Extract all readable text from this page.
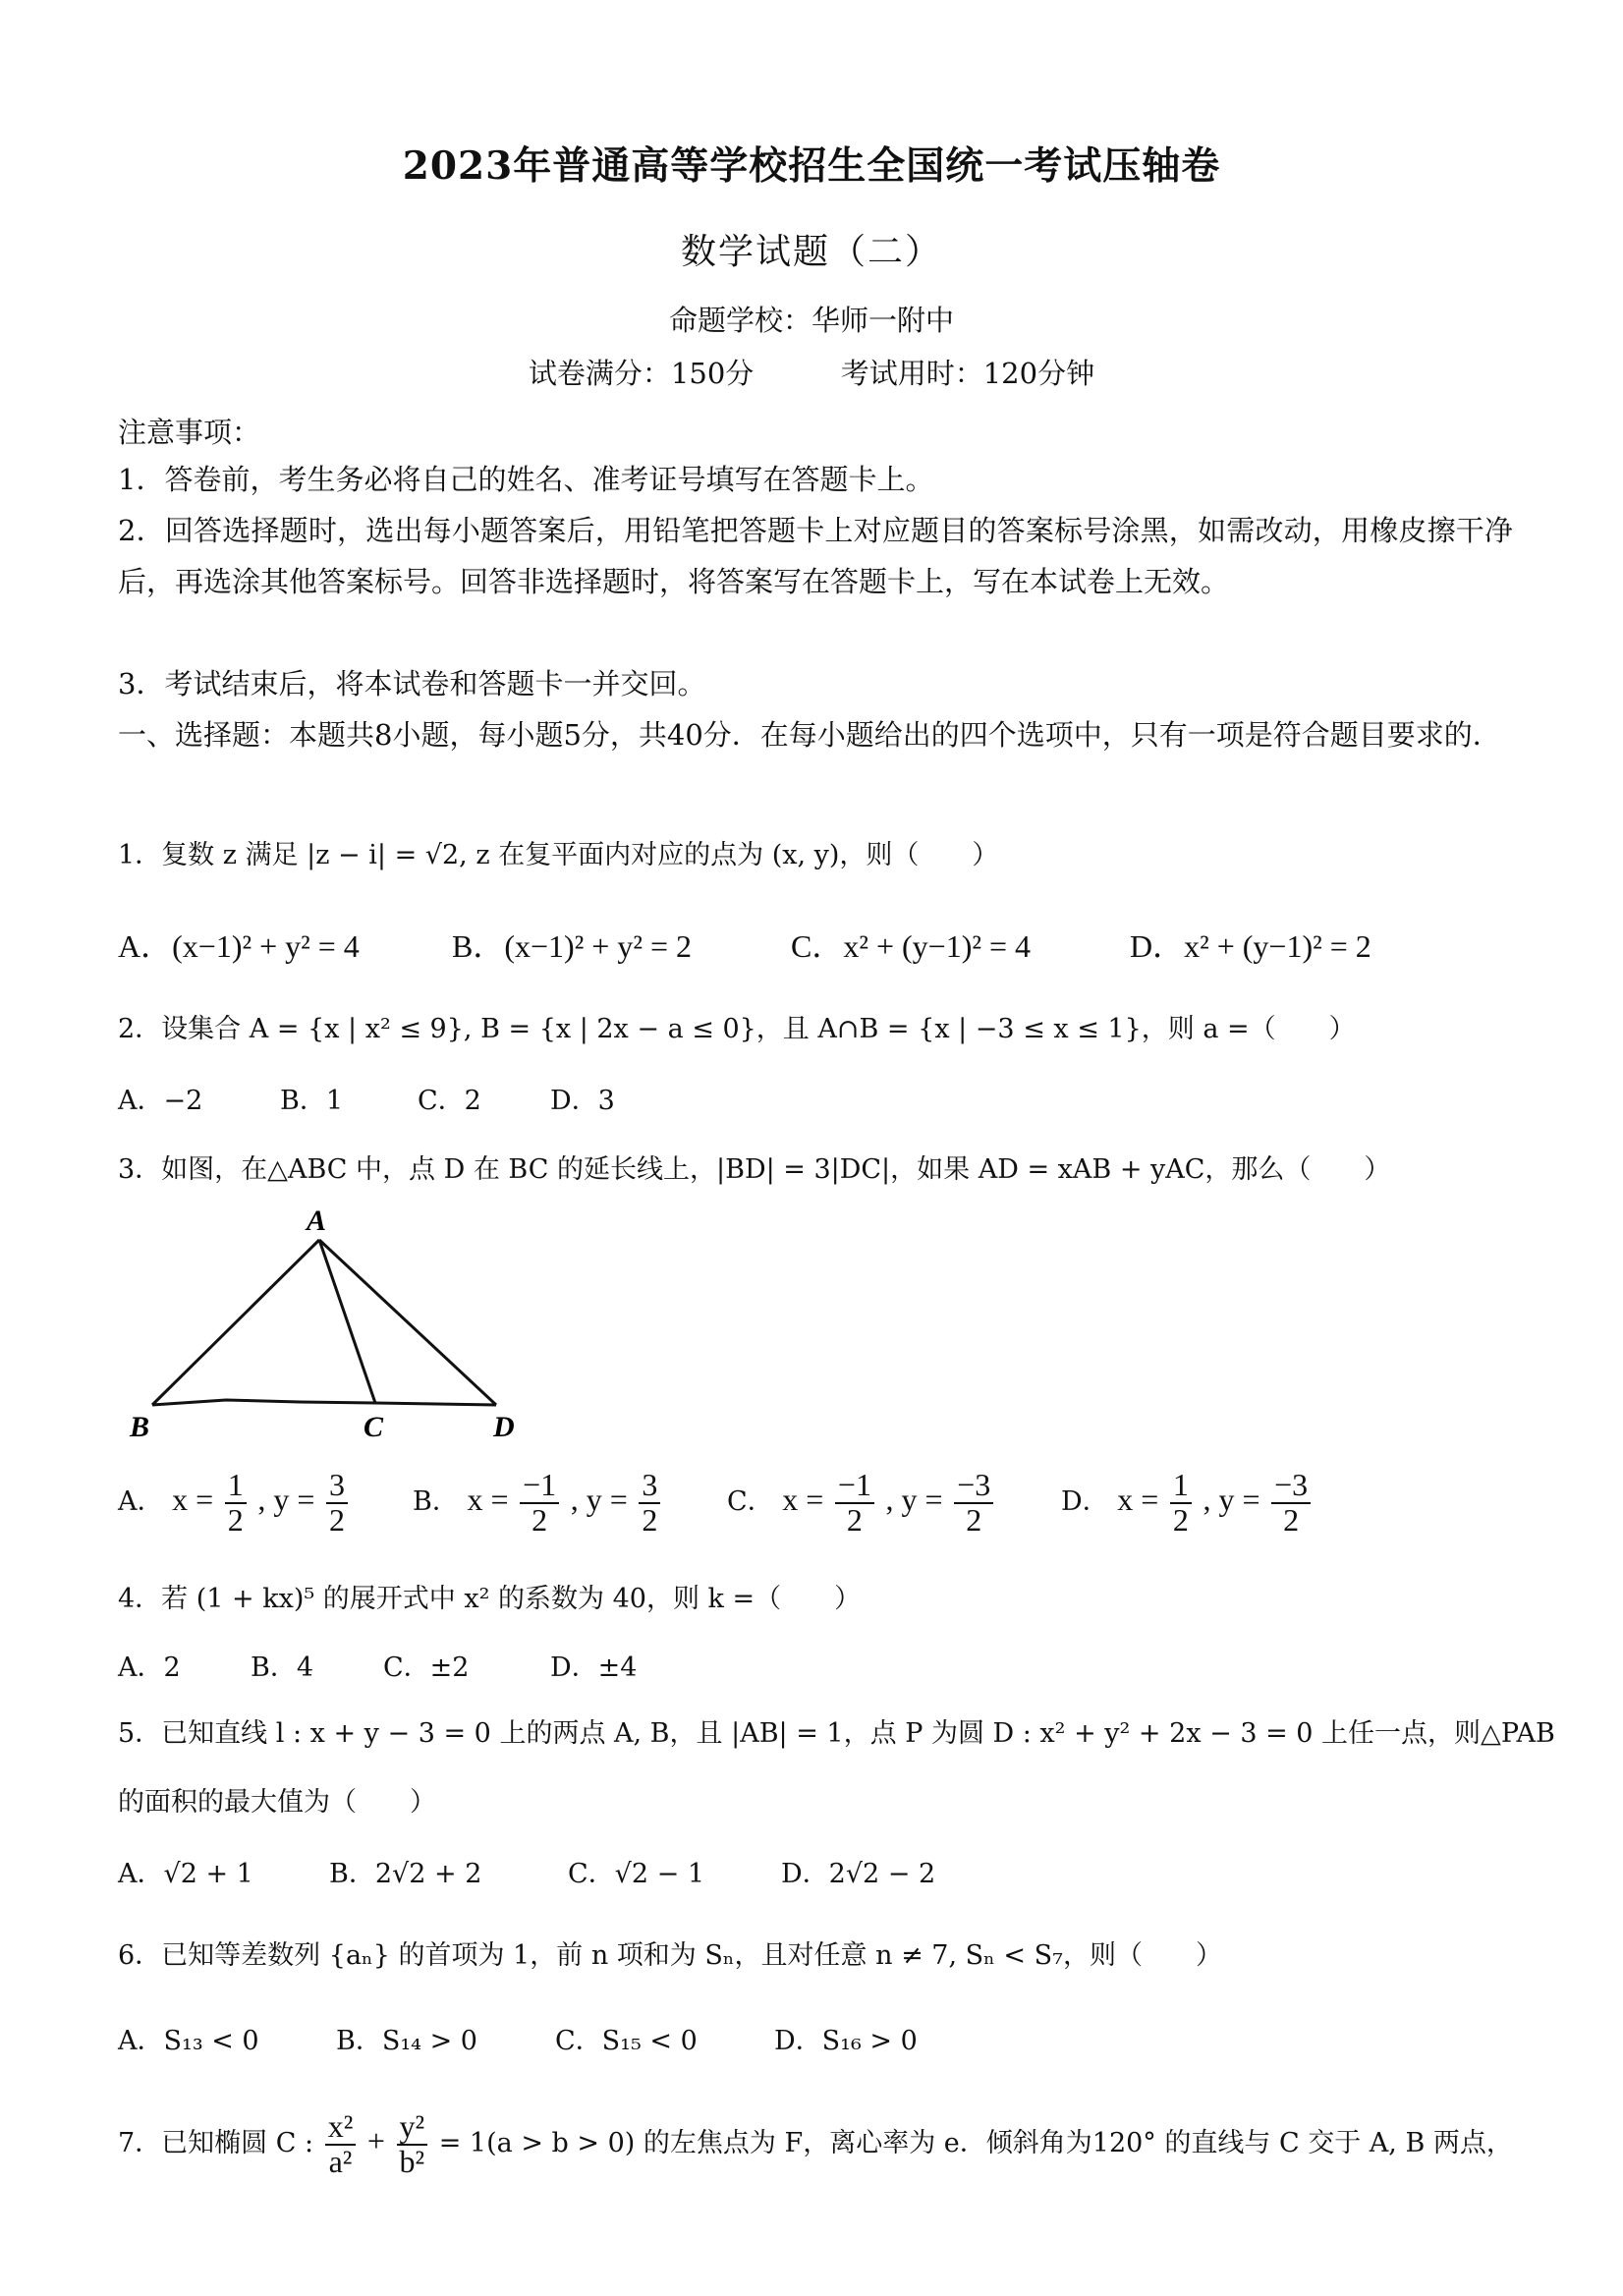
2023年普通高等学校招生全国统一考试压轴卷
数学试题（二）
命题学校：华师一附中
试卷满分：150分	考试用时：120分钟
注意事项：
1．答卷前，考生务必将自己的姓名、准考证号填写在答题卡上。
2．回答选择题时，选出每小题答案后，用铅笔把答题卡上对应题目的答案标号涂黑，如需改动，用橡皮擦干净后，再选涂其他答案标号。回答非选择题时，将答案写在答题卡上，写在本试卷上无效。
3．考试结束后，将本试卷和答题卡一并交回。
一、选择题：本题共8小题，每小题5分，共40分．在每小题给出的四个选项中，只有一项是符合题目要求的．
1．复数 z 满足 |z − i| = √2, z 在复平面内对应的点为 (x, y)，则（　　）
A．(x−1)² + y² = 4	B．(x−1)² + y² = 2	C．x² + (y−1)² = 4	D．x² + (y−1)² = 2
2．设集合 A = {x | x² ≤ 9}, B = {x | 2x − a ≤ 0}，且 A∩B = {x | −3 ≤ x ≤ 1}，则 a =（　　）
A．−2	B．1	C．2	D．3
3．如图，在△ABC 中，点 D 在 BC 的延长线上，|BD| = 3|DC|，如果 AD = xAB + yAC，那么（　　）
A
B	C	D
A． $x = \frac{1}{2}$ , $y = \frac{3}{2}$ B． $x = \frac{-1}{2}$ , $y = \frac{3}{2}$	C． $x = \frac{-1}{2}$ , $y = \frac{-3}{2}$	D． $x = \frac{1}{2}$ , $y = \frac{-3}{2}$
4．若 (1 + kx)⁵ 的展开式中 x² 的系数为 40，则 k =（　　）
A．2	B．4	C．±2	D．±4
5．已知直线 l : x + y − 3 = 0 上的两点 A, B，且 |AB| = 1，点 P 为圆 D : x² + y² + 2x − 3 = 0 上任一点，则△PAB
的面积的最大值为（　　）
A．√2 + 1	B．2√2 + 2	C．√2 − 1	D．2√2 − 2
6．已知等差数列 {aₙ} 的首项为 1，前 n 项和为 Sₙ，且对任意 n ≠ 7, Sₙ < S₇，则（　　）
A．S₁₃ < 0	B．S₁₄ > 0	C．S₁₅ < 0	D．S₁₆ > 0
7．已知椭圆 C : $\frac{\text{x²}}{\text{a²}} + \frac{\text{y²}}{\text{b²}} = 1(a > b > 0)$ 的左焦点为 F，离心率为 e．倾斜角为120° 的直线与 C 交于 A, B 两点，
